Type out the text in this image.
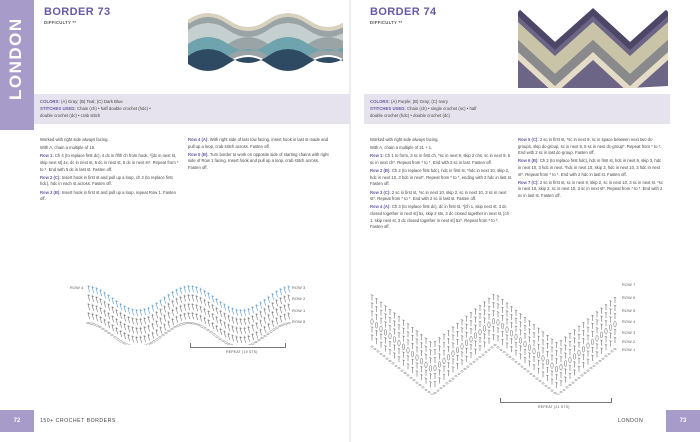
LONDON
BORDER 73
DIFFICULTY **
COLORS: (A) Gray; (B) Teal; (C) Dark Blue
STITCHES USED: Chain (ch) • half double crochet (hdc) •
double crochet (dc) • crab stitch

Worked with right side always facing.

With A, chain a multiple of 19.

Row 1: Ch 4 (to replace first dc), 4 dc in fifth ch from hook, *[dc in next st, skip next st] 4x, dc in next st, 5 dc in next st, 5 dc in next st*. Repeat from * to *. End with 5 dc in last st. Fasten off.

Row 2 (C): Insert hook in first st and pull up a loop, ch 2 (to replace first hdc), hdc in each st across. Fasten off.

Row 3 (B): Insert hook in first st and pull up a loop, repeat Row 1. Fasten off.

Row 4 (A): With right side of last row facing, insert hook in last st made and pull up a loop, crab stitch across. Fasten off.

Row 5 (B): Turn border to work on opposite side of starting chains with right side of Row 1 facing. Insert hook and pull up a loop, crab stitch across. Fasten off.

ROW 4	ROW 3
ROW 2
ROW 1
ROW 5
REPEAT (19 STS)
72	150+ CROCHET BORDERS
BORDER 74
DIFFICULTY **
COLORS: (A) Purple; (B) Gray; (C) Ivory
STITCHES USED: Chain (ch) • single crochet (sc) • half
double crochet (hdc) • double crochet (dc)

Worked with right side always facing.

With A, chain a multiple of 21 + 1.

Row 1: Ch 1 to form, 3 sc in first ch, *sc in next 9, skip 2 chs, sc in next 9, 5 sc in next ch*. Repeat from * to *. End with 3 sc in last. Fasten off.

Row 2 (B): Ch 2 (to replace first hdc), hdc in first st, *hdc in next 10, skip 2, hdc in next 10, 3 hdc in next*. Repeat from * to *, ending with 2 hdc in last st. Fasten off.

Row 3 (C): 2 sc in first st, *sc in next 10, skip 2, sc in next 10, 3 sc in next st*. Repeat from * to *. End with 2 sc in last st. Fasten off.

Row 4 (A): Ch 3 (to replace first dc), dc in first st, *[ch 1, skip next st, 3 dc closed together in next st] 5x, skip 2 sts, 3 dc closed together in next st, [ch 1, skip next st, 3 dc closed together in next st] 5x*. Repeat from * to *. Fasten off.

Row 5 (C): 2 sc in first st, *sc in next 9, sc in space between next two dc-groups, skip dc-group, sc in next 9, 5 sc in next dc-group*. Repeat from * to *. End with 2 sc in last dc-group. Fasten off.

Row 6 (B): Ch 2 (to replace first hdc), hdc in first st, hdc in next 9, skip 3, hdc in next 10, 3 hdc in next. *hdc in next 10, skip 3, hdc in next 10, 3 hdc in next st*. Repeat from * to *. End with 2 hdc in last st. Fasten off.

Row 7 (C): 2 sc in first st, sc in next 9, skip 2, sc in next 10, 3 sc in next st. *sc in next 10, skip 2, sc in next 10, 3 sc in next st*. Repeat from * to *. End with 2 sc in last st. Fasten off.

ROW 7
ROW 6
ROW 5
ROW 4
ROW 3
ROW 2
ROW 1
REPEAT (21 STS)
LONDON	73
